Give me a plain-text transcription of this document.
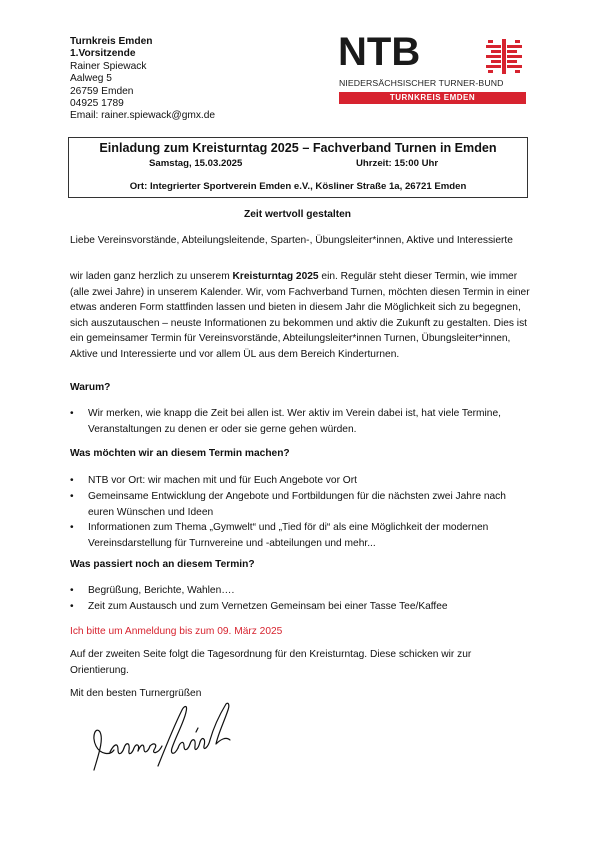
Turnkreis Emden
1.Vorsitzende
Rainer Spiewack
Aalweg 5
26759 Emden
04925 1789
Email: rainer.spiewack@gmx.de
NTB
NIEDERSÄCHSISCHER TURNER-BUND
TURNKREIS EMDEN
Einladung zum Kreisturntag 2025 – Fachverband Turnen in Emden
Samstag, 15.03.2025	Uhrzeit: 15:00 Uhr
Ort: Integrierter Sportverein Emden e.V., Kösliner Straße 1a, 26721 Emden
Zeit wertvoll gestalten
Liebe Vereinsvorstände, Abteilungsleitende, Sparten-, Übungsleiter*innen, Aktive und Interessierte
wir laden ganz herzlich zu unserem Kreisturntag 2025 ein. Regulär steht dieser Termin, wie immer (alle zwei Jahre) in unserem Kalender. Wir, vom Fachverband Turnen, möchten diesen Termin in einer etwas anderen Form stattfinden lassen und bieten in diesem Jahr die Möglichkeit sich zu begegnen, sich auszutauschen – neuste Informationen zu bekommen und aktiv die Zukunft zu gestalten. Dies ist ein gemeinsamer Termin für Vereinsvorstände, Abteilungsleiter*innen Turnen, Übungsleiter*innen, Aktive und Interessierte und vor allem ÜL aus dem Bereich Kinderturnen.
Warum?
• Wir merken, wie knapp die Zeit bei allen ist. Wer aktiv im Verein dabei ist, hat viele Termine, Veranstaltungen zu denen er oder sie gerne gehen würden.
Was möchten wir an diesem Termin machen?
• NTB vor Ort: wir machen mit und für Euch Angebote vor Ort
• Gemeinsame Entwicklung der Angebote und Fortbildungen für die nächsten zwei Jahre nach euren Wünschen und Ideen
• Informationen zum Thema „Gymwelt“ und „Tied för di“ als eine Möglichkeit der modernen Vereinsdarstellung für Turnvereine und -abteilungen und mehr...
Was passiert noch an diesem Termin?
• Begrüßung, Berichte, Wahlen….
• Zeit zum Austausch und zum Vernetzen Gemeinsam bei einer Tasse Tee/Kaffee
Ich bitte um Anmeldung bis zum 09. März 2025
Auf der zweiten Seite folgt die Tagesordnung für den Kreisturntag. Diese schicken wir zur Orientierung.
Mit den besten Turnergrüßen
